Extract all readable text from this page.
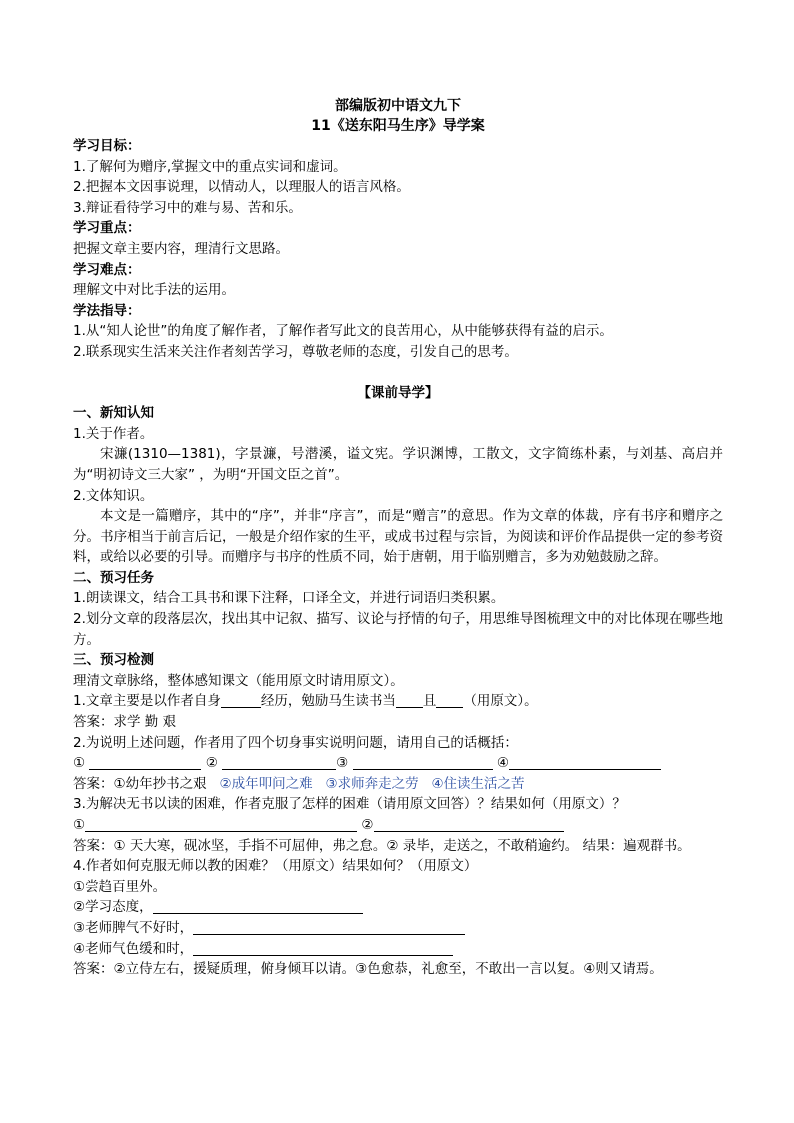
部编版初中语文九下
11《送东阳马生序》导学案
学习目标：
1.了解何为赠序,掌握文中的重点实词和虚词。
2.把握本文因事说理，以情动人，以理服人的语言风格。
3.辩证看待学习中的难与易、苦和乐。
学习重点：
把握文章主要内容，理清行文思路。
学习难点：
理解文中对比手法的运用。
学法指导：
1.从“知人论世”的角度了解作者，了解作者写此文的良苦用心，从中能够获得有益的启示。
2.联系现实生活来关注作者刻苦学习，尊敬老师的态度，引发自己的思考。
【课前导学】
一、新知认知
1.关于作者。
宋濂(1310—1381)，字景濂，号潜溪，谥文宪。学识渊博，工散文，文字简练朴素，与刘基、高启并为“明初诗文三大家” ，为明“开国文臣之首”。
2.文体知识。
本文是一篇赠序，其中的“序”，并非“序言”，而是“赠言”的意思。作为文章的体裁，序有书序和赠序之分。书序相当于前言后记，一般是介绍作家的生平，或成书过程与宗旨，为阅读和评价作品提供一定的参考资料，或给以必要的引导。而赠序与书序的性质不同，始于唐朝，用于临别赠言，多为劝勉鼓励之辞。
二、预习任务
1.朗读课文，结合工具书和课下注释，口译全文，并进行词语归类积累。
2.划分文章的段落层次，找出其中记叙、描写、议论与抒情的句子，用思维导图梳理文中的对比体现在哪些地方。
三、预习检测
理清文章脉络，整体感知课文（能用原文时请用原文）。
1.文章主要是以作者自身	经历，勉励马生读书当 且 （用原文）。
答案：求学 勤 艰
2.为说明上述问题，作者用了四个切身事实说明问题，请用自己的话概括：
①	②	③	④
答案：①幼年抄书之艰 ②成年叩问之难 ③求师奔走之劳 ④住读生活之苦
3.为解决无书以读的困难，作者克服了怎样的困难（请用原文回答）？结果如何（用原文）？
①	②
答案：① 天大寒，砚冰坚，手指不可屈伸，弗之怠。② 录毕，走送之，不敢稍逾约。 结果：遍观群书。
4.作者如何克服无师以教的困难？（用原文）结果如何？（用原文）
①尝趋百里外。
②学习态度，
③老师脾气不好时，
④老师气色缓和时，
答案：②立侍左右，援疑质理，俯身倾耳以请。③色愈恭，礼愈至，不敢出一言以复。④则又请焉。
